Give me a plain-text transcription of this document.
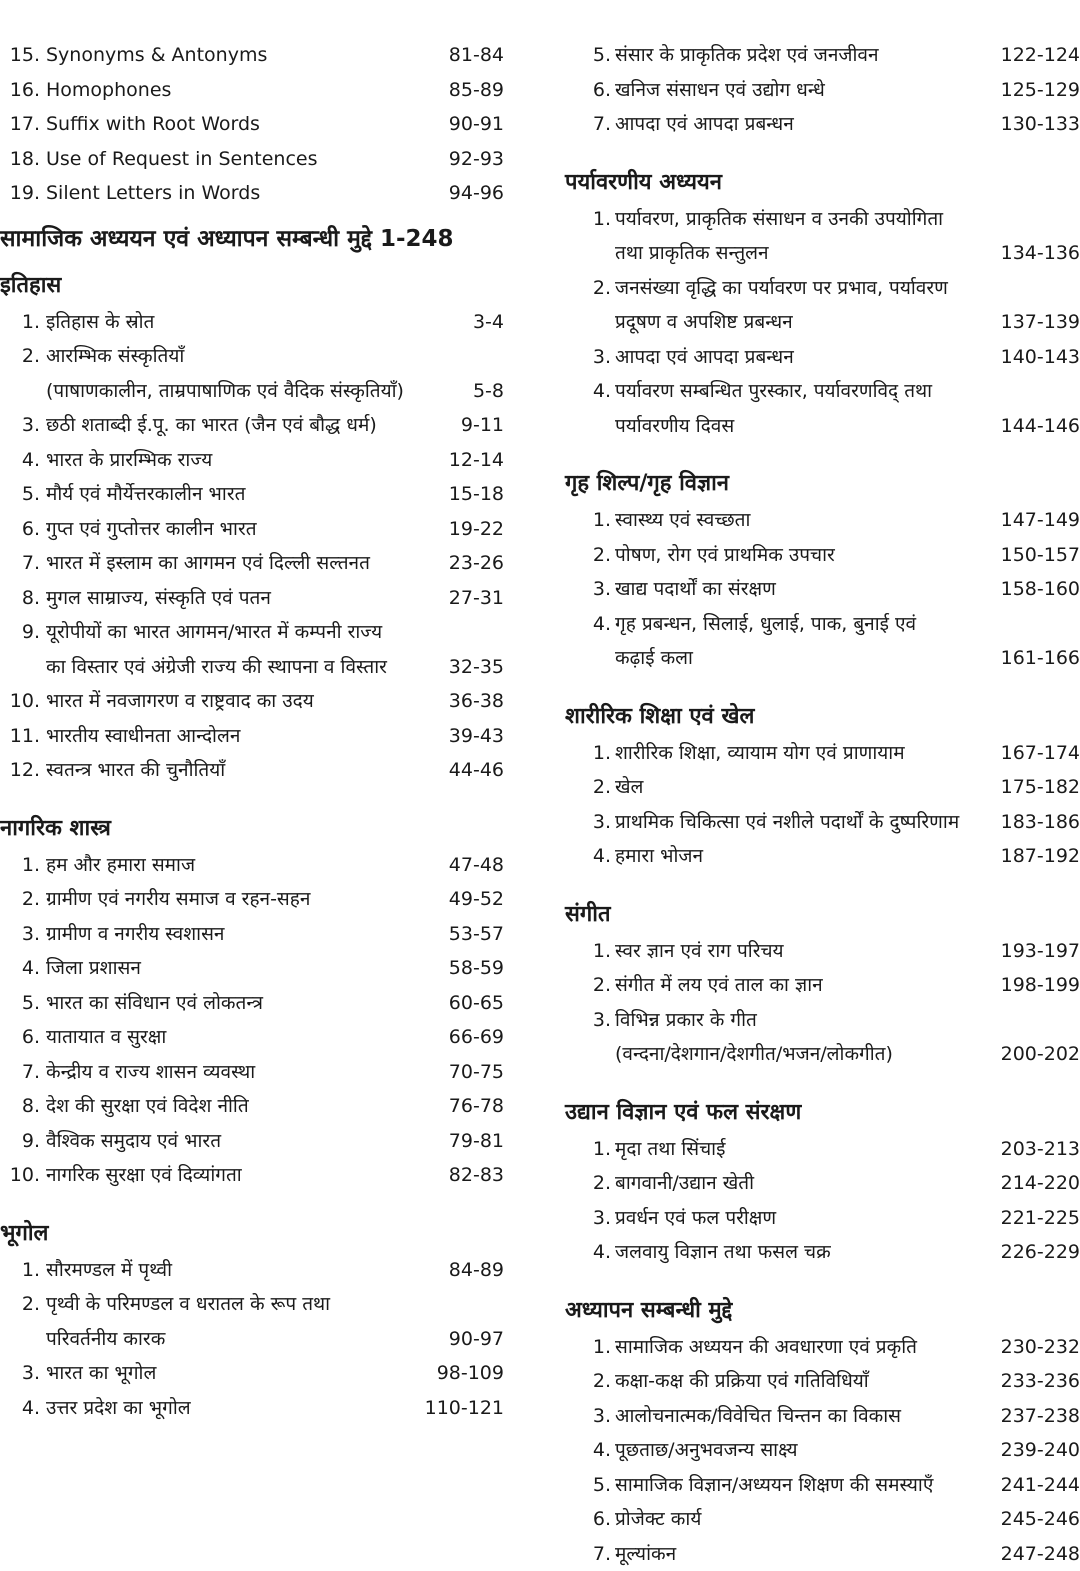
15. Synonyms & Antonyms	81-84
16. Homophones	85-89
17. Suffix with Root Words	90-91
18. Use of Request in Sentences	92-93
19. Silent Letters in Words	94-96
सामाजिक अध्ययन एवं अध्यापन सम्बन्धी मुद्दे 1-248
इतिहास
1. इतिहास के स्रोत	3-4
2. आरम्भिक संस्कृतियाँ
(पाषाणकालीन, ताम्रपाषाणिक एवं वैदिक संस्कृतियाँ)	5-8
3. छठी शताब्दी ई.पू. का भारत (जैन एवं बौद्ध धर्म)	9-11
4. भारत के प्रारम्भिक राज्य	12-14
5. मौर्य एवं मौर्येत्तरकालीन भारत	15-18
6. गुप्त एवं गुप्तोत्तर कालीन भारत	19-22
7. भारत में इस्लाम का आगमन एवं दिल्ली सल्तनत	23-26
8. मुगल साम्राज्य, संस्कृति एवं पतन	27-31
9. यूरोपीयों का भारत आगमन/भारत में कम्पनी राज्य
का विस्तार एवं अंग्रेजी राज्य की स्थापना व विस्तार	32-35
10. भारत में नवजागरण व राष्ट्रवाद का उदय	36-38
11. भारतीय स्वाधीनता आन्दोलन	39-43
12. स्वतन्त्र भारत की चुनौतियाँ	44-46
नागरिक शास्त्र
1. हम और हमारा समाज	47-48
2. ग्रामीण एवं नगरीय समाज व रहन-सहन	49-52
3. ग्रामीण व नगरीय स्वशासन	53-57
4. जिला प्रशासन	58-59
5. भारत का संविधान एवं लोकतन्त्र	60-65
6. यातायात व सुरक्षा	66-69
7. केन्द्रीय व राज्य शासन व्यवस्था	70-75
8. देश की सुरक्षा एवं विदेश नीति	76-78
9. वैश्विक समुदाय एवं भारत	79-81
10. नागरिक सुरक्षा एवं दिव्यांगता	82-83
भूगोल
1. सौरमण्डल में पृथ्वी	84-89
2. पृथ्वी के परिमण्डल व धरातल के रूप तथा
परिवर्तनीय कारक	90-97
3. भारत का भूगोल	98-109
4. उत्तर प्रदेश का भूगोल	110-121
5. संसार के प्राकृतिक प्रदेश एवं जनजीवन	122-124
6. खनिज संसाधन एवं उद्योग धन्धे	125-129
7. आपदा एवं आपदा प्रबन्धन	130-133
पर्यावरणीय अध्ययन
1. पर्यावरण, प्राकृतिक संसाधन व उनकी उपयोगिता
तथा प्राकृतिक सन्तुलन	134-136
2. जनसंख्या वृद्धि का पर्यावरण पर प्रभाव, पर्यावरण
प्रदूषण व अपशिष्ट प्रबन्धन	137-139
3. आपदा एवं आपदा प्रबन्धन	140-143
4. पर्यावरण सम्बन्धित पुरस्कार, पर्यावरणविद् तथा
पर्यावरणीय दिवस	144-146
गृह शिल्प/गृह विज्ञान
1. स्वास्थ्य एवं स्वच्छता	147-149
2. पोषण, रोग एवं प्राथमिक उपचार	150-157
3. खाद्य पदार्थों का संरक्षण	158-160
4. गृह प्रबन्धन, सिलाई, धुलाई, पाक, बुनाई एवं
कढ़ाई कला	161-166
शारीरिक शिक्षा एवं खेल
1. शारीरिक शिक्षा, व्यायाम योग एवं प्राणायाम	167-174
2. खेल	175-182
3. प्राथमिक चिकित्सा एवं नशीले पदार्थों के दुष्परिणाम	183-186
4. हमारा भोजन	187-192
संगीत
1. स्वर ज्ञान एवं राग परिचय	193-197
2. संगीत में लय एवं ताल का ज्ञान	198-199
3. विभिन्न प्रकार के गीत
(वन्दना/देशगान/देशगीत/भजन/लोकगीत)	200-202
उद्यान विज्ञान एवं फल संरक्षण
1. मृदा तथा सिंचाई	203-213
2. बागवानी/उद्यान खेती	214-220
3. प्रवर्धन एवं फल परीक्षण	221-225
4. जलवायु विज्ञान तथा फसल चक्र	226-229
अध्यापन सम्बन्धी मुद्दे
1. सामाजिक अध्ययन की अवधारणा एवं प्रकृति	230-232
2. कक्षा-कक्ष की प्रक्रिया एवं गतिविधियाँ	233-236
3. आलोचनात्मक/विवेचित चिन्तन का विकास	237-238
4. पूछताछ/अनुभवजन्य साक्ष्य	239-240
5. सामाजिक विज्ञान/अध्ययन शिक्षण की समस्याएँ	241-244
6. प्रोजेक्ट कार्य	245-246
7. मूल्यांकन	247-248
